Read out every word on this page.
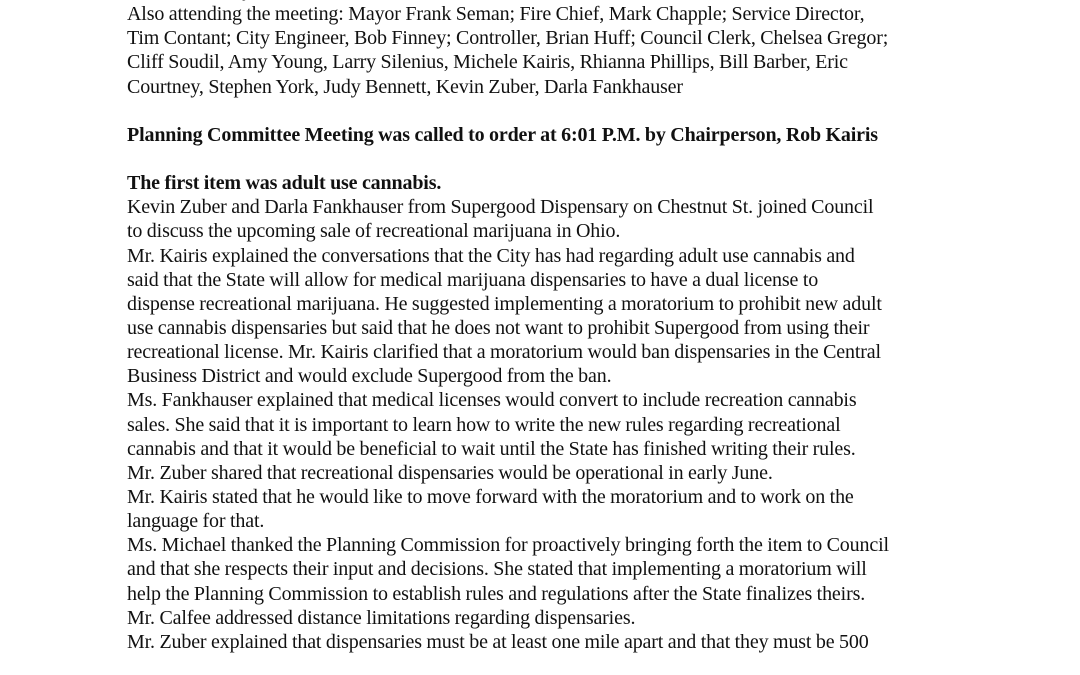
Also attending the meeting: Mayor Frank Seman; Fire Chief, Mark Chapple; Service Director,
Tim Contant; City Engineer, Bob Finney; Controller, Brian Huff; Council Clerk, Chelsea Gregor;
Cliff Soudil, Amy Young, Larry Silenius, Michele Kairis, Rhianna Phillips, Bill Barber, Eric
Courtney, Stephen York, Judy Bennett, Kevin Zuber, Darla Fankhauser
Planning Committee Meeting was called to order at 6:01 P.M. by Chairperson, Rob Kairis
The first item was adult use cannabis.
Kevin Zuber and Darla Fankhauser from Supergood Dispensary on Chestnut St. joined Council
to discuss the upcoming sale of recreational marijuana in Ohio.
Mr. Kairis explained the conversations that the City has had regarding adult use cannabis and
said that the State will allow for medical marijuana dispensaries to have a dual license to
dispense recreational marijuana. He suggested implementing a moratorium to prohibit new adult
use cannabis dispensaries but said that he does not want to prohibit Supergood from using their
recreational license. Mr. Kairis clarified that a moratorium would ban dispensaries in the Central
Business District and would exclude Supergood from the ban.
Ms. Fankhauser explained that medical licenses would convert to include recreation cannabis
sales. She said that it is important to learn how to write the new rules regarding recreational
cannabis and that it would be beneficial to wait until the State has finished writing their rules.
Mr. Zuber shared that recreational dispensaries would be operational in early June.
Mr. Kairis stated that he would like to move forward with the moratorium and to work on the
language for that.
Ms. Michael thanked the Planning Commission for proactively bringing forth the item to Council
and that she respects their input and decisions. She stated that implementing a moratorium will
help the Planning Commission to establish rules and regulations after the State finalizes theirs.
Mr. Calfee addressed distance limitations regarding dispensaries.
Mr. Zuber explained that dispensaries must be at least one mile apart and that they must be 500
